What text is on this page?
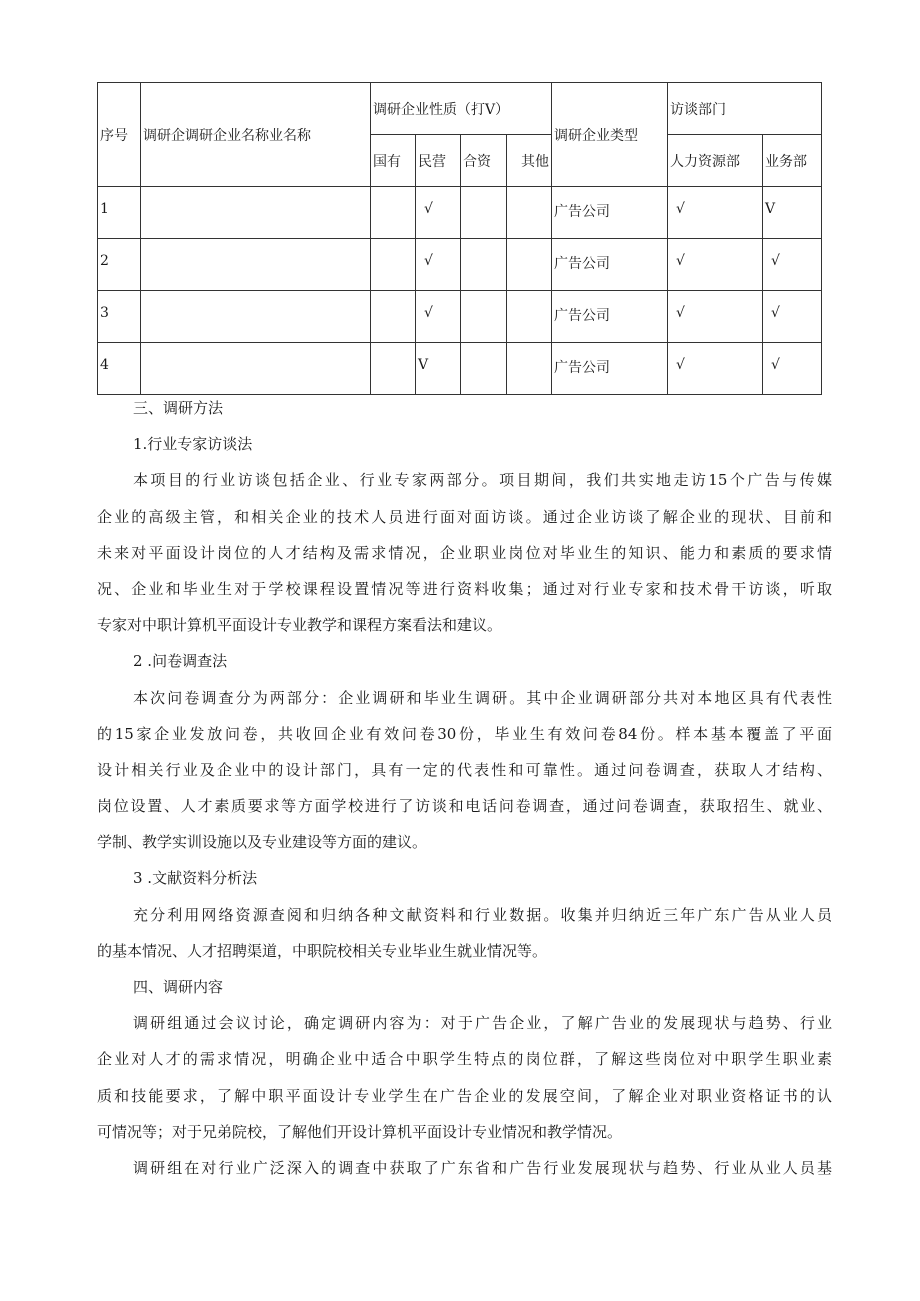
序号	调研企调研企业名称业名称	调研企业性质（打V）				调研企业类型	访谈部门	
		国有	民营	合资	其他		人力资源部	业务部
1			√			广告公司	√	V
2			√			广告公司	√	√
3			√			广告公司	√	√
4			V			广告公司	√	√
三、调研方法
1.行业专家访谈法
本项目的行业访谈包括企业、行业专家两部分。项目期间，我们共实地走访15个广告与传媒
企业的高级主管，和相关企业的技术人员进行面对面访谈。通过企业访谈了解企业的现状、目前和
未来对平面设计岗位的人才结构及需求情况，企业职业岗位对毕业生的知识、能力和素质的要求情
况、企业和毕业生对于学校课程设置情况等进行资料收集；通过对行业专家和技术骨干访谈，听取
专家对中职计算机平面设计专业教学和课程方案看法和建议。
2 .问卷调查法
本次问卷调查分为两部分：企业调研和毕业生调研。其中企业调研部分共对本地区具有代表性
的15家企业发放问卷，共收回企业有效问卷30份，毕业生有效问卷84份。样本基本覆盖了平面
设计相关行业及企业中的设计部门，具有一定的代表性和可靠性。通过问卷调查，获取人才结构、
岗位设置、人才素质要求等方面学校进行了访谈和电话问卷调查，通过问卷调查，获取招生、就业、
学制、教学实训设施以及专业建设等方面的建议。
3 .文献资料分析法
充分利用网络资源查阅和归纳各种文献资料和行业数据。收集并归纳近三年广东广告从业人员
的基本情况、人才招聘渠道，中职院校相关专业毕业生就业情况等。
四、调研内容
调研组通过会议讨论，确定调研内容为：对于广告企业，了解广告业的发展现状与趋势、行业
企业对人才的需求情况，明确企业中适合中职学生特点的岗位群，了解这些岗位对中职学生职业素
质和技能要求，了解中职平面设计专业学生在广告企业的发展空间，了解企业对职业资格证书的认
可情况等；对于兄弟院校，了解他们开设计算机平面设计专业情况和教学情况。
调研组在对行业广泛深入的调查中获取了广东省和广告行业发展现状与趋势、行业从业人员基
